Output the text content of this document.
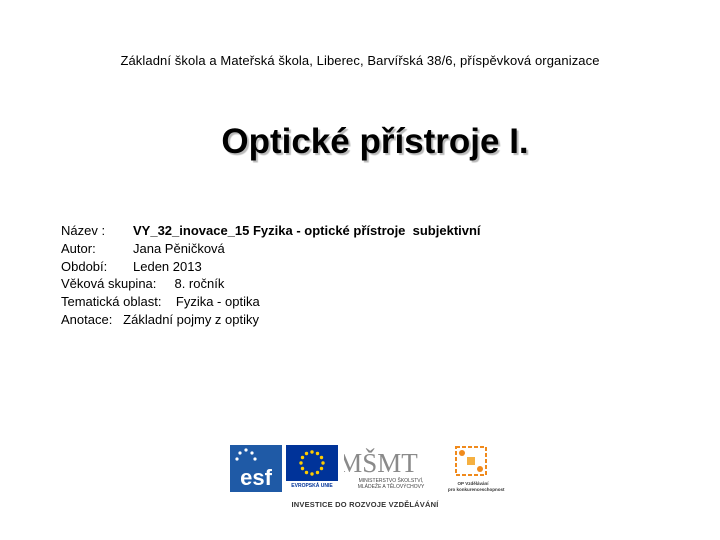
Základní škola a Mateřská škola, Liberec, Barvířská 38/6, příspěvková organizace
Optické přístroje I.
Název : VY_32_inovace_15 Fyzika - optické přístroje  subjektivní
Autor:	Jana Pěničková
Období: Leden 2013
Věková skupina: 8. ročník
Tematická oblast: Fyzika - optika
Anotace: Základní pojmy z optiky
esf	EVROPSKÁ UNIE
MŠMT
MINISTERSTVO ŠKOLSTVÍ,
MLÁDEŽE A TĚLOVÝCHOVY
OP Vzdělávání
pro konkurenceschopnost
INVESTICE DO ROZVOJE VZDĚLÁVÁNÍ
